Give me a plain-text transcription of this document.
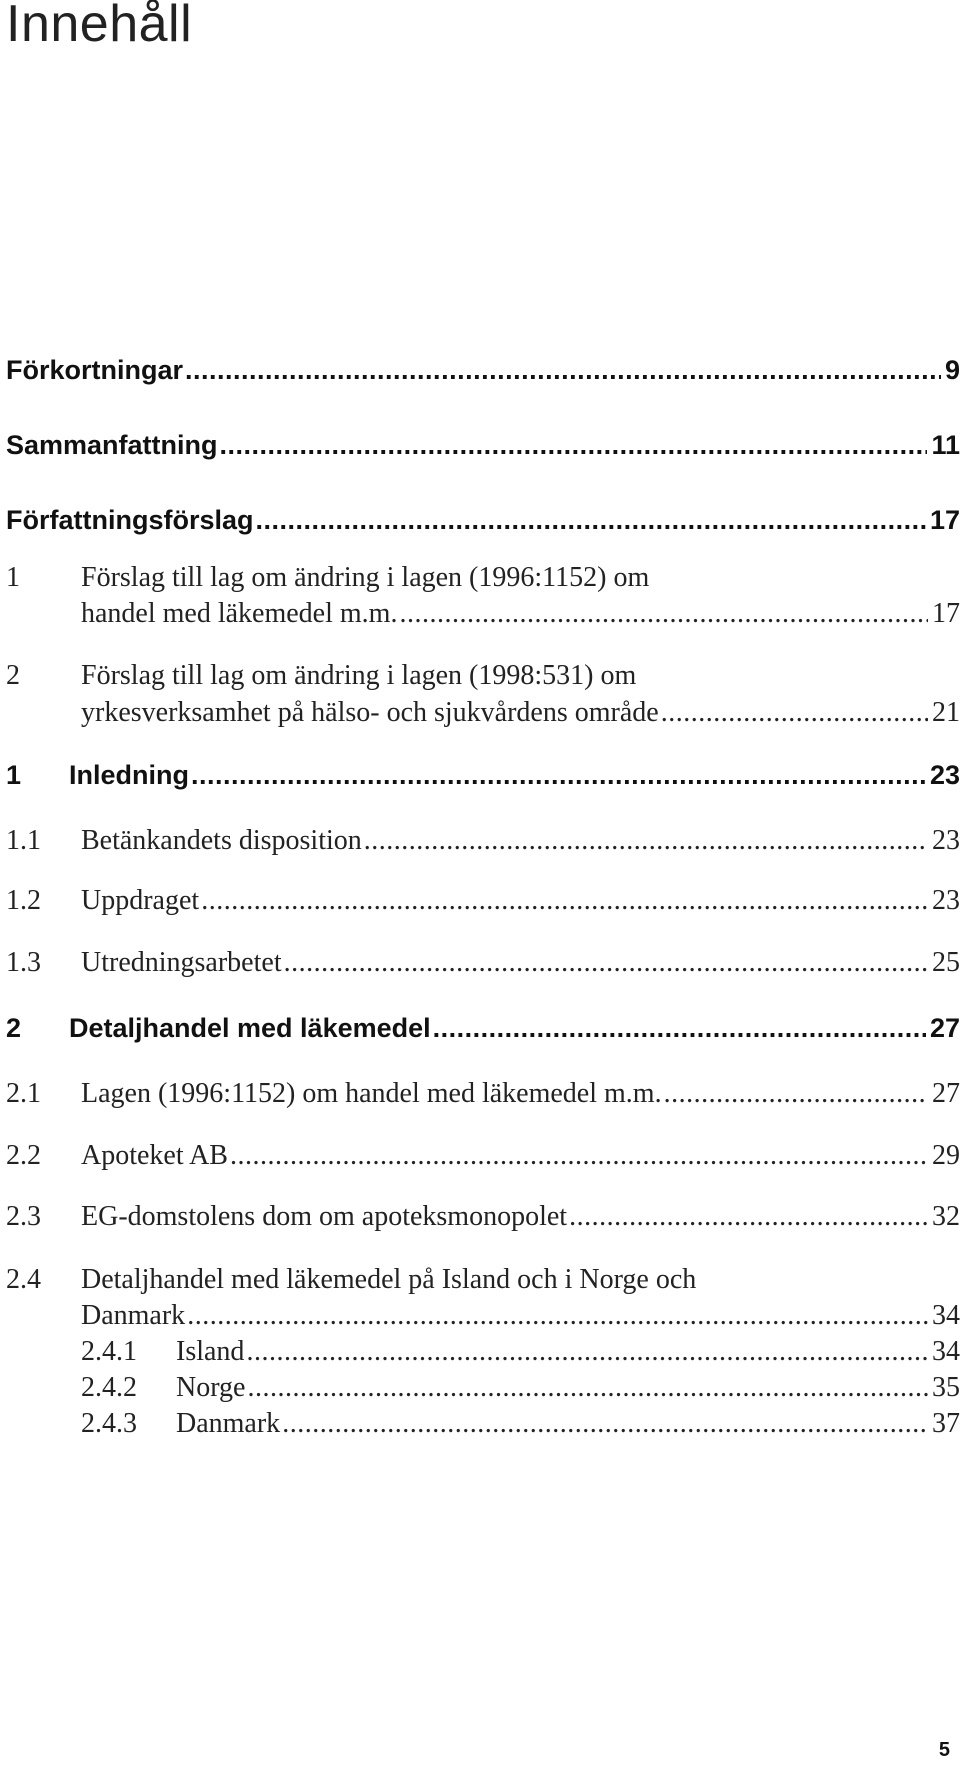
Innehåll
Förkortningar .....	9
Sammanfattning .....	11
Författningsförslag .....	17
1	Förslag till lag om ändring i lagen (1996:1152) om
handel med läkemedel m.m. .....	17
2	Förslag till lag om ändring i lagen (1998:531) om
yrkesverksamhet på hälso- och sjukvårdens område .....	21
1	Inledning .....	23
1.1	Betänkandets disposition .....	23
1.2	Uppdraget .....	23
1.3	Utredningsarbetet .....	25
2	Detaljhandel med läkemedel .....	27
2.1	Lagen (1996:1152) om handel med läkemedel m.m. .....	27
2.2	Apoteket AB .....	29
2.3	EG-domstolens dom om apoteksmonopolet .....	32
2.4	Detaljhandel med läkemedel på Island och i Norge och
Danmark .....	34
2.4.1	Island .....	34
2.4.2	Norge .....	35
2.4.3	Danmark .....	37
5
